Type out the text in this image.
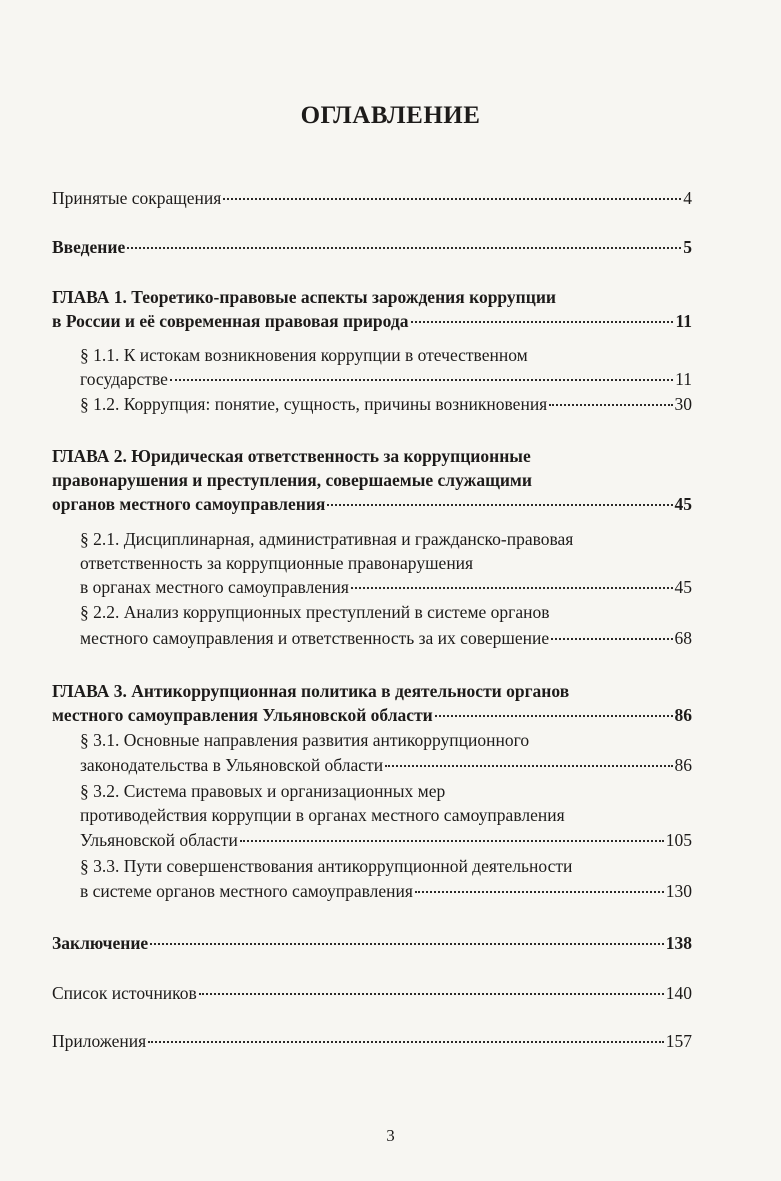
ОГЛАВЛЕНИЕ
Принятые сокращения	4
Введение	5
ГЛАВА 1. Теоретико-правовые аспекты зарождения коррупции
в России и её современная правовая природа	11
§ 1.1. К истокам возникновения коррупции в отечественном
государстве	11
§ 1.2. Коррупция: понятие, сущность, причины возникновения	30
ГЛАВА 2. Юридическая ответственность за коррупционные
правонарушения и преступления, совершаемые служащими
органов местного самоуправления	45
§ 2.1. Дисциплинарная, административная и гражданско-правовая
ответственность за коррупционные правонарушения
в органах местного самоуправления	45
§ 2.2. Анализ коррупционных преступлений в системе органов
местного самоуправления и ответственность за их совершение	68
ГЛАВА 3. Антикоррупционная политика в деятельности органов
местного самоуправления Ульяновской области	86
§ 3.1. Основные направления развития антикоррупционного
законодательства в Ульяновской области	86
§ 3.2. Система правовых и организационных мер
противодействия коррупции в органах местного самоуправления
Ульяновской области	105
§ 3.3. Пути совершенствования антикоррупционной деятельности
в системе органов местного самоуправления	130
Заключение	138
Список источников	140
Приложения	157
3
